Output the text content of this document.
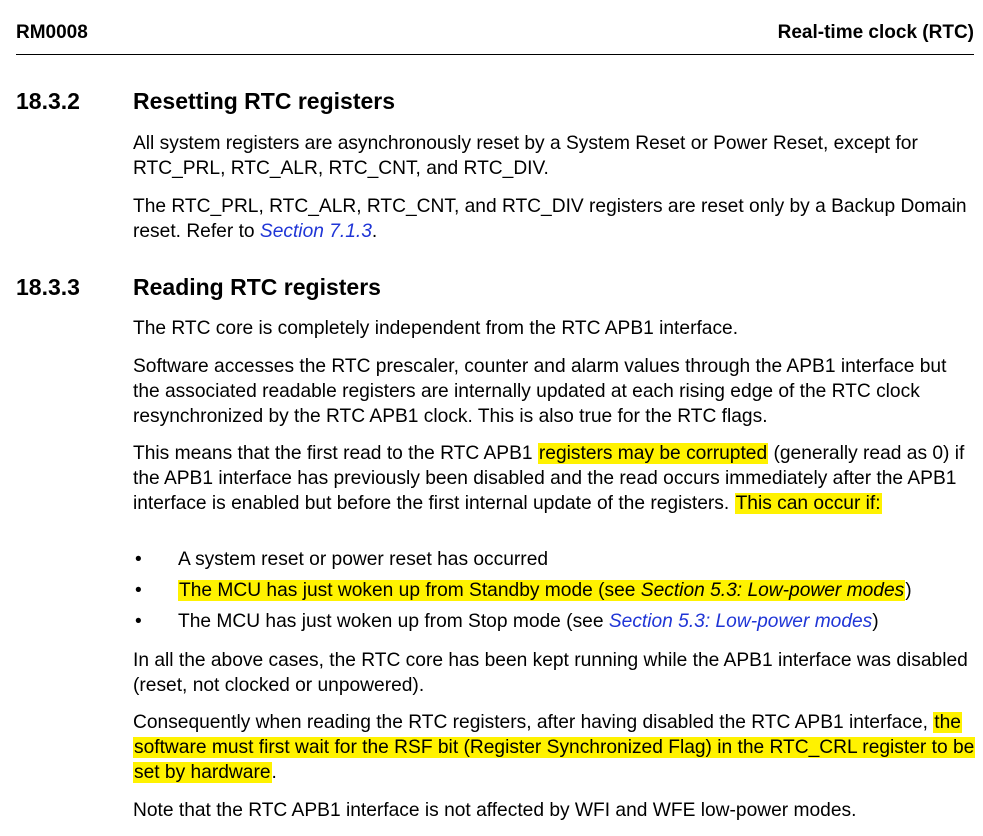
RM0008	Real-time clock (RTC)
18.3.2 Resetting RTC registers

All system registers are asynchronously reset by a System Reset or Power Reset, except for RTC_PRL, RTC_ALR, RTC_CNT, and RTC_DIV.

The RTC_PRL, RTC_ALR, RTC_CNT, and RTC_DIV registers are reset only by a Backup Domain reset. Refer to Section 7.1.3.

18.3.3 Reading RTC registers

The RTC core is completely independent from the RTC APB1 interface.

Software accesses the RTC prescaler, counter and alarm values through the APB1 interface but the associated readable registers are internally updated at each rising edge of the RTC clock resynchronized by the RTC APB1 clock. This is also true for the RTC flags.

This means that the first read to the RTC APB1 registers may be corrupted (generally read as 0) if the APB1 interface has previously been disabled and the read occurs immediately after the APB1 interface is enabled but before the first internal update of the registers. This can occur if:

• A system reset or power reset has occurred
• The MCU has just woken up from Standby mode (see Section 5.3: Low-power modes)
• The MCU has just woken up from Stop mode (see Section 5.3: Low-power modes)

In all the above cases, the RTC core has been kept running while the APB1 interface was disabled (reset, not clocked or unpowered).

Consequently when reading the RTC registers, after having disabled the RTC APB1 interface, the software must first wait for the RSF bit (Register Synchronized Flag) in the RTC_CRL register to be set by hardware.

Note that the RTC APB1 interface is not affected by WFI and WFE low-power modes.
